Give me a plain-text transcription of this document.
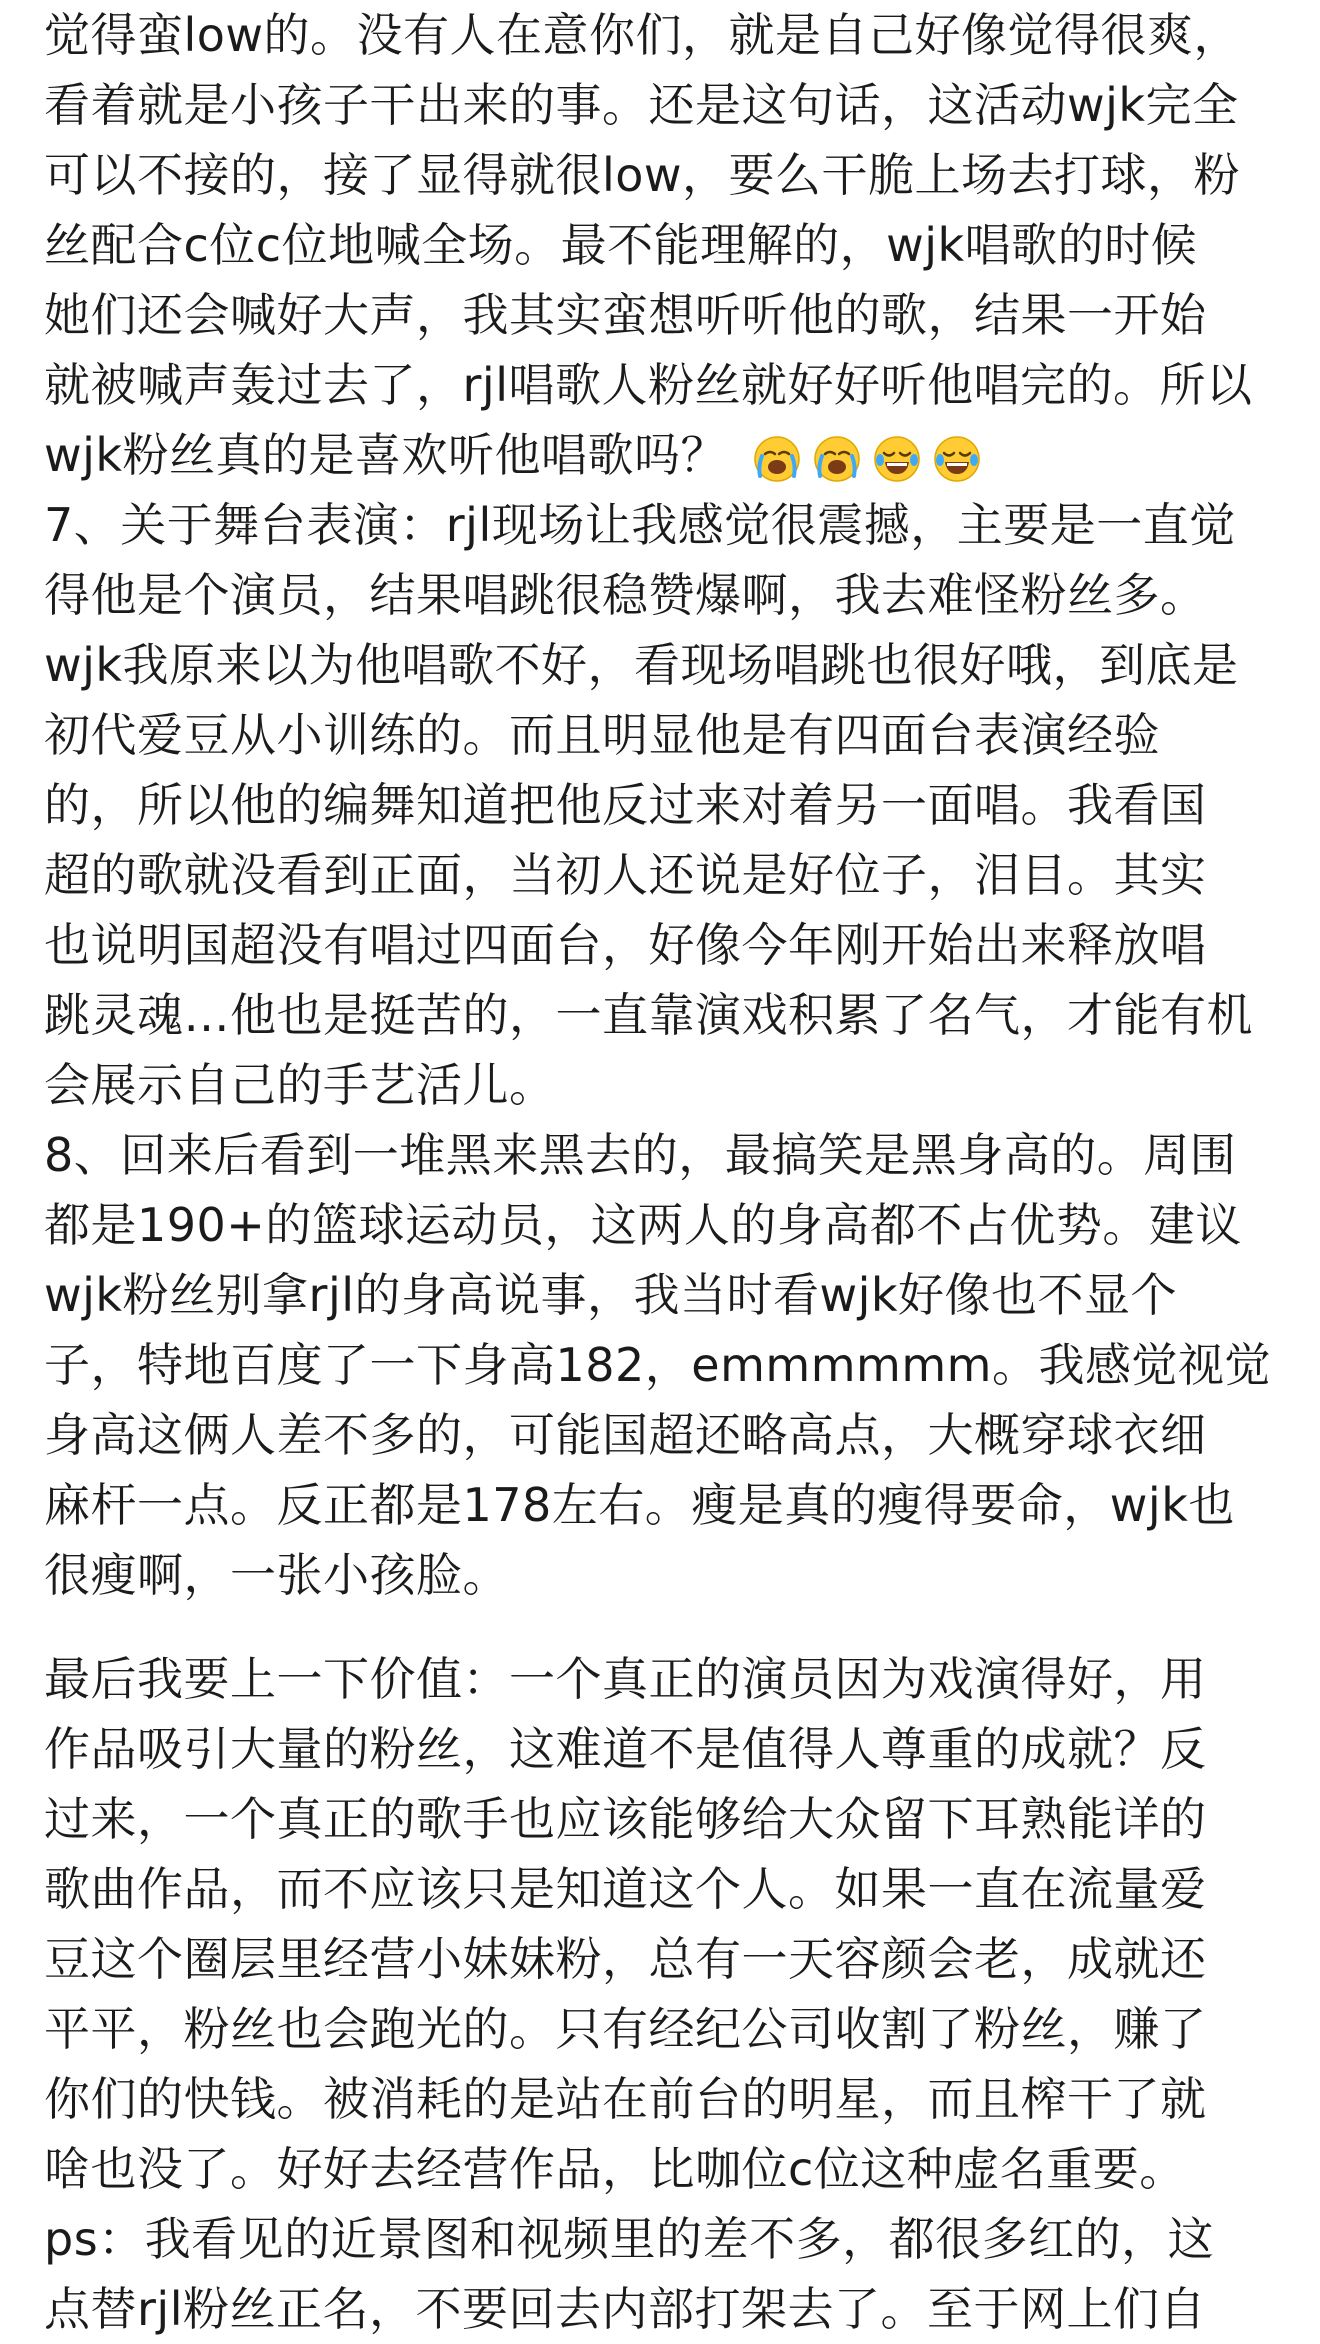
觉得蛮low的。没有人在意你们，就是自己好像觉得很爽，
看着就是小孩子干出来的事。还是这句话，这活动wjk完全
可以不接的，接了显得就很low，要么干脆上场去打球，粉
丝配合c位c位地喊全场。最不能理解的，wjk唱歌的时候
她们还会喊好大声，我其实蛮想听听他的歌，结果一开始
就被喊声轰过去了，rjl唱歌人粉丝就好好听他唱完的。所以
wjk粉丝真的是喜欢听他唱歌吗？
7、关于舞台表演：rjl现场让我感觉很震撼，主要是一直觉
得他是个演员，结果唱跳很稳赞爆啊，我去难怪粉丝多。
wjk我原来以为他唱歌不好，看现场唱跳也很好哦，到底是
初代爱豆从小训练的。而且明显他是有四面台表演经验
的，所以他的编舞知道把他反过来对着另一面唱。我看国
超的歌就没看到正面，当初人还说是好位子，泪目。其实
也说明国超没有唱过四面台，好像今年刚开始出来释放唱
跳灵魂…他也是挺苦的，一直靠演戏积累了名气，才能有机
会展示自己的手艺活儿。
8、回来后看到一堆黑来黑去的，最搞笑是黑身高的。周围
都是190+的篮球运动员，这两人的身高都不占优势。建议
wjk粉丝别拿rjl的身高说事，我当时看wjk好像也不显个
子，特地百度了一下身高182，emmmmmm。我感觉视觉
身高这俩人差不多的，可能国超还略高点，大概穿球衣细
麻杆一点。反正都是178左右。瘦是真的瘦得要命，wjk也
很瘦啊，一张小孩脸。
最后我要上一下价值：一个真正的演员因为戏演得好，用
作品吸引大量的粉丝，这难道不是值得人尊重的成就？反
过来，一个真正的歌手也应该能够给大众留下耳熟能详的
歌曲作品，而不应该只是知道这个人。如果一直在流量爱
豆这个圈层里经营小妹妹粉，总有一天容颜会老，成就还
平平，粉丝也会跑光的。只有经纪公司收割了粉丝，赚了
你们的快钱。被消耗的是站在前台的明星，而且榨干了就
啥也没了。好好去经营作品，比咖位c位这种虚名重要。
ps：我看见的近景图和视频里的差不多，都很多红的，这
点替rjl粉丝正名，不要回去内部打架去了。至于网上们自
